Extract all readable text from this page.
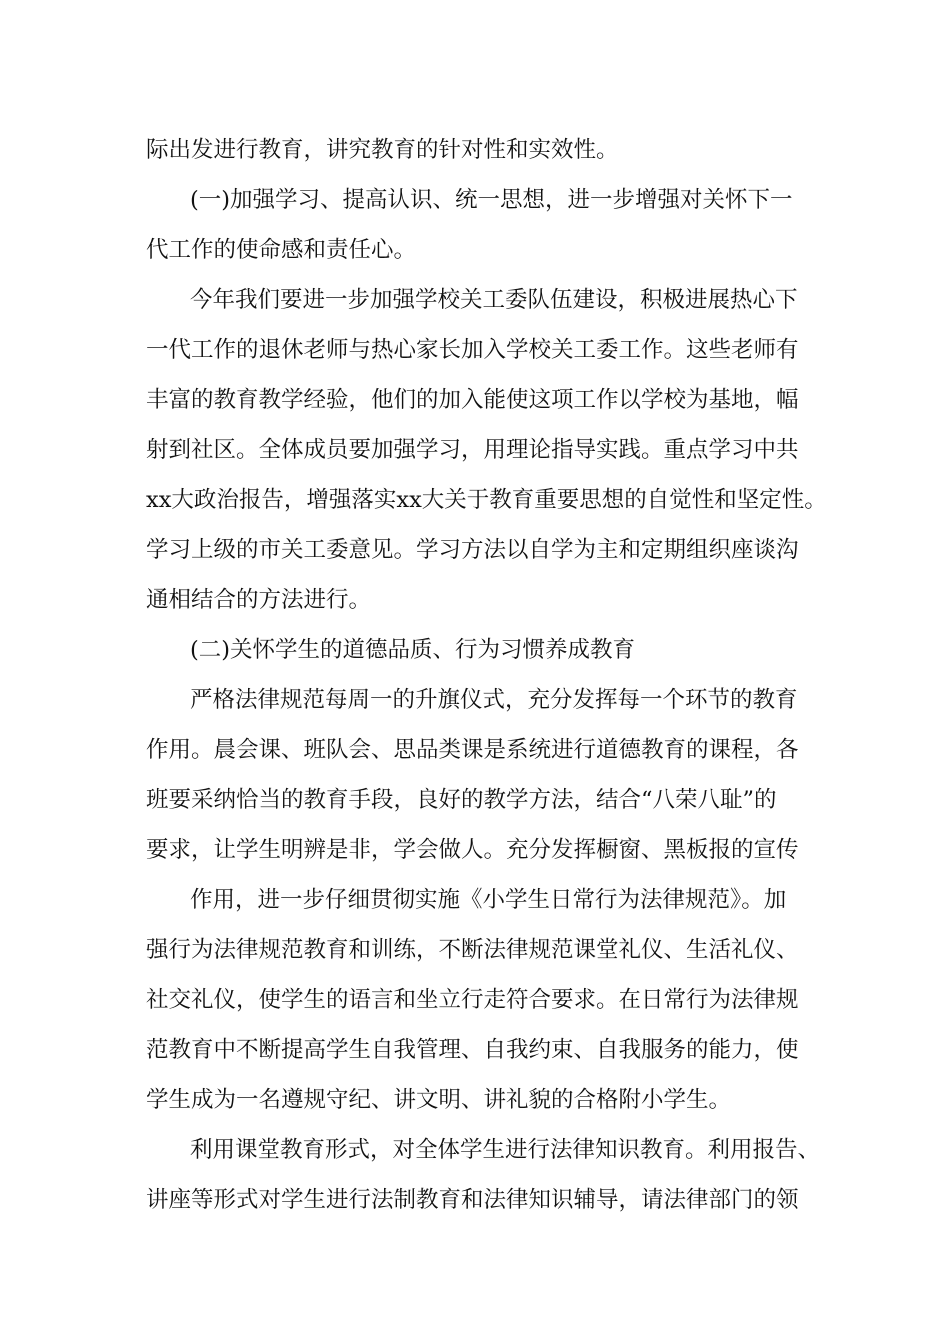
际出发进行教育，讲究教育的针对性和实效性。
(一)加强学习、提高认识、统一思想，进一步增强对关怀下一
代工作的使命感和责任心。
今年我们要进一步加强学校关工委队伍建设，积极进展热心下
一代工作的退休老师与热心家长加入学校关工委工作。这些老师有
丰富的教育教学经验，他们的加入能使这项工作以学校为基地，幅
射到社区。全体成员要加强学习，用理论指导实践。重点学习中共
xx大政治报告，增强落实xx大关于教育重要思想的自觉性和坚定性。
学习上级的市关工委意见。学习方法以自学为主和定期组织座谈沟
通相结合的方法进行。
(二)关怀学生的道德品质、行为习惯养成教育
严格法律规范每周一的升旗仪式，充分发挥每一个环节的教育
作用。晨会课、班队会、思品类课是系统进行道德教育的课程，各
班要采纳恰当的教育手段，良好的教学方法，结合“八荣八耻”的
要求，让学生明辨是非，学会做人。充分发挥橱窗、黑板报的宣传
作用，进一步仔细贯彻实施《小学生日常行为法律规范》。加
强行为法律规范教育和训练，不断法律规范课堂礼仪、生活礼仪、
社交礼仪，使学生的语言和坐立行走符合要求。在日常行为法律规
范教育中不断提高学生自我管理、自我约束、自我服务的能力，使
学生成为一名遵规守纪、讲文明、讲礼貌的合格附小学生。
利用课堂教育形式，对全体学生进行法律知识教育。利用报告、
讲座等形式对学生进行法制教育和法律知识辅导，请法律部门的领
